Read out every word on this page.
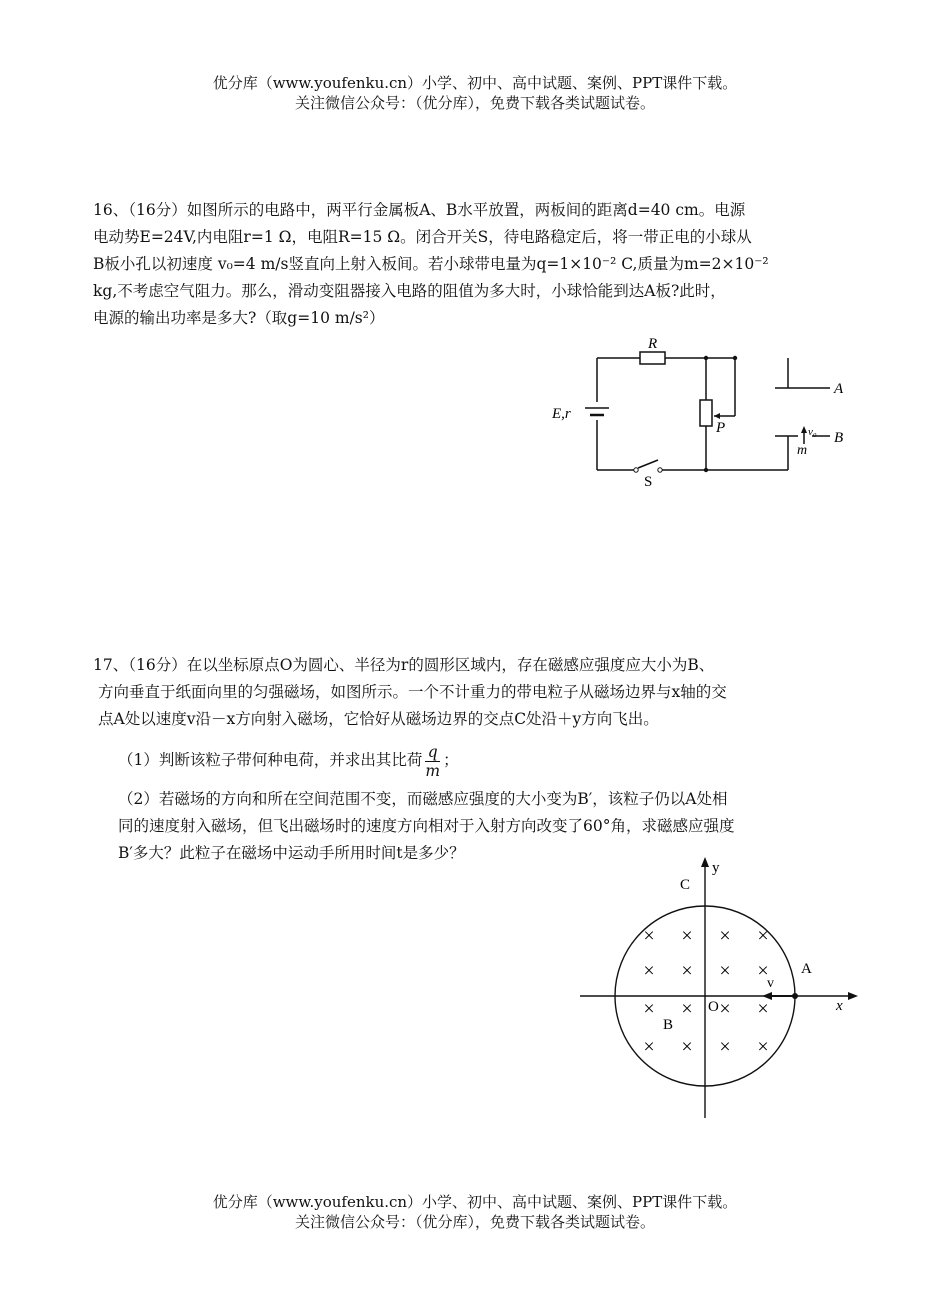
优分库（www.youfenku.cn）小学、初中、高中试题、案例、PPT课件下载。
关注微信公众号：（优分库），免费下载各类试题试卷。
16、（16分）如图所示的电路中，两平行金属板A、B水平放置，两板间的距离d=40 cm。电源
电动势E=24V,内电阻r=1 Ω，电阻R=15 Ω。闭合开关S，待电路稳定后，将一带正电的小球从
B板小孔以初速度 v₀=4 m/s竖直向上射入板间。若小球带电量为q=1×10⁻² C,质量为m=2×10⁻²
kg,不考虑空气阻力。那么，滑动变阻器接入电路的阻值为多大时，小球恰能到达A板?此时，
电源的输出功率是多大?（取g=10 m/s²）
R
E,r
P
S
A
B
v₀
m
17、（16分）在以坐标原点O为圆心、半径为r的圆形区域内，存在磁感应强度应大小为B、
方向垂直于纸面向里的匀强磁场，如图所示。一个不计重力的带电粒子从磁场边界与x轴的交
点A处以速度v沿－x方向射入磁场，它恰好从磁场边界的交点C处沿＋y方向飞出。
（1）判断该粒子带何种电荷，并求出其比荷 $\frac{q}{m}$ ；
（2）若磁场的方向和所在空间范围不变，而磁感应强度的大小变为B′，该粒子仍以A处相
同的速度射入磁场，但飞出磁场时的速度方向相对于入射方向改变了60°角，求磁感应强度
B′多大？此粒子在磁场中运动手所用时间t是多少？
× × × ×
× × × ×
× × × ×
× × × ×
y
x
C
A
B
O
v
优分库（www.youfenku.cn）小学、初中、高中试题、案例、PPT课件下载。
关注微信公众号：（优分库），免费下载各类试题试卷。
